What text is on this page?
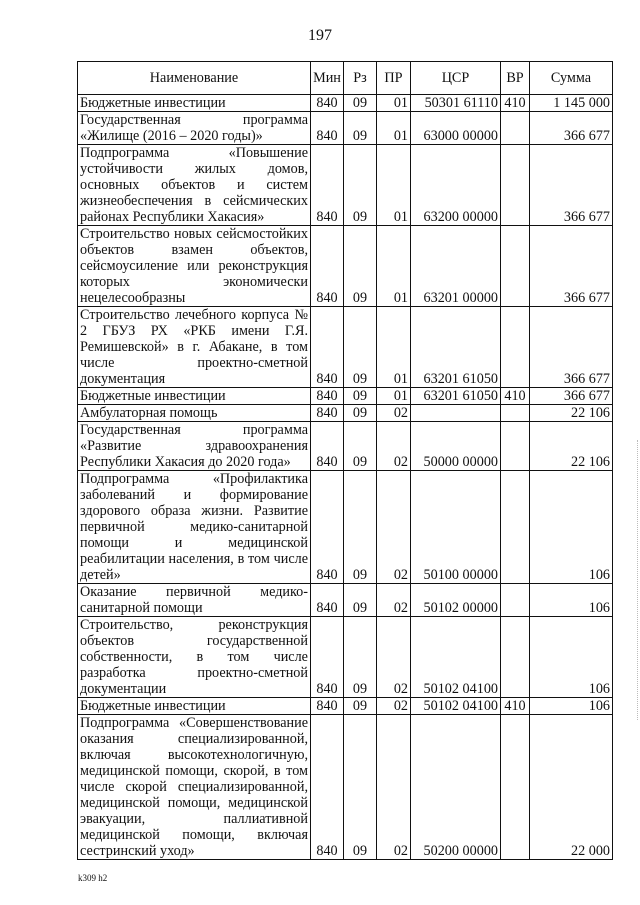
197
Наименование	Мин	Рз	ПР	ЦСР	ВР	Сумма
Бюджетные инвестиции	840	09	01	50301 61110	410	1 145 000
Государственная программа «Жилище (2016 – 2020 годы)»	840	09	01	63000 00000		366 677
Подпрограмма «Повышение устойчивости жилых домов, основных объектов и систем жизнеобеспечения в сейсмических районах Республики Хакасия»	840	09	01	63200 00000		366 677
Строительство новых сейсмостойких объектов взамен объектов, сейсмоусиление или реконструкция которых экономически нецелесообразны	840	09	01	63201 00000		366 677
Строительство лечебного корпуса № 2 ГБУЗ РХ «РКБ имени Г.Я. Ремишевской» в г. Абакане, в том числе проектно-сметной документация	840	09	01	63201 61050		366 677
Бюджетные инвестиции	840	09	01	63201 61050	410	366 677
Амбулаторная помощь	840	09	02			22 106
Государственная программа «Развитие здравоохранения Республики Хакасия до 2020 года»	840	09	02	50000 00000		22 106
Подпрограмма «Профилактика заболеваний и формирование здорового образа жизни. Развитие первичной медико-санитарной помощи и медицинской реабилитации населения, в том числе детей»	840	09	02	50100 00000		106
Оказание первичной медико-санитарной помощи	840	09	02	50102 00000		106
Строительство, реконструкция объектов государственной собственности, в том числе разработка проектно-сметной документации	840	09	02	50102 04100		106
Бюджетные инвестиции	840	09	02	50102 04100	410	106
Подпрограмма «Совершенствование оказания специализированной, включая высокотехнологичную, медицинской помощи, скорой, в том числе скорой специализированной, медицинской помощи, медицинской эвакуации, паллиативной медицинской помощи, включая сестринский уход»	840	09	02	50200 00000		22 000
k309 h2
